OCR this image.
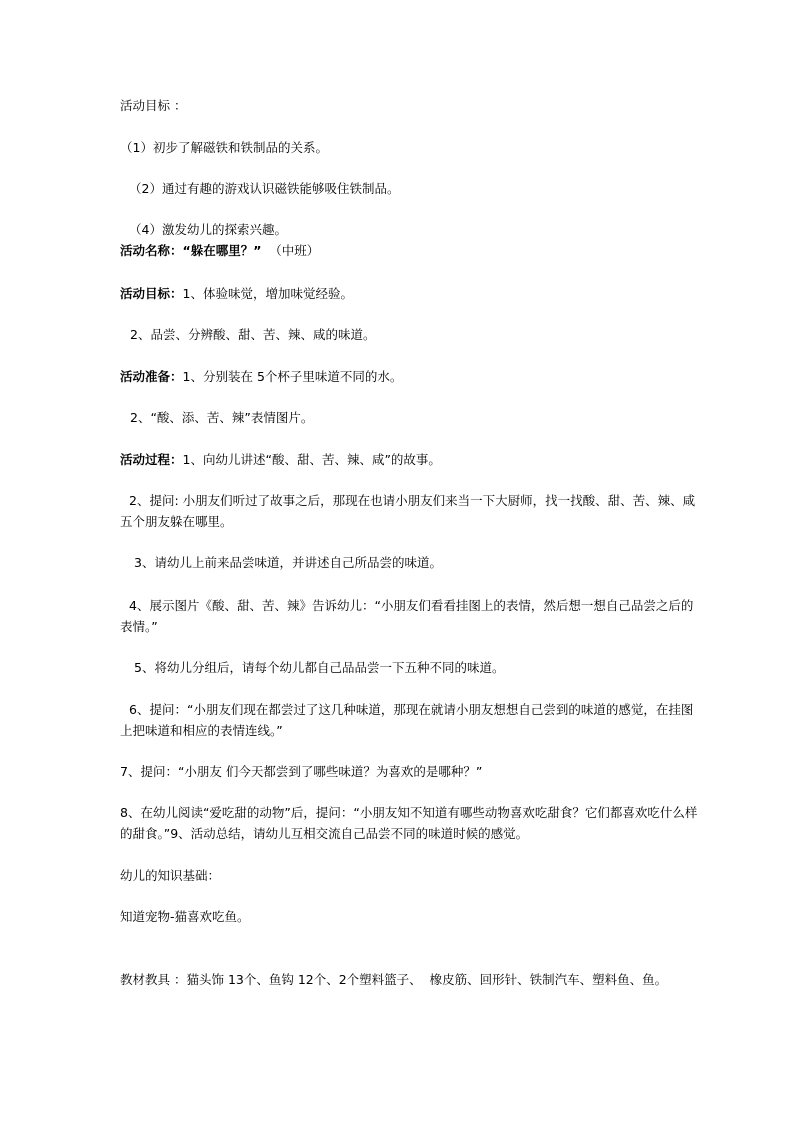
活动目标 ：

（1）初步了解磁铁和铁制品的关系。

（2）通过有趣的游戏认识磁铁能够吸住铁制品。

（4）激发幼儿的探索兴趣。

活动名称：“躲在哪里？” （中班）

活动目标：1、体验味觉，增加味觉经验。

2、品尝、分辨酸、甜、苦、辣、咸的味道。

活动准备：1、分别装在 5个杯子里味道不同的水。

2、“酸、添、苦、辣”表情图片。

活动过程：1、向幼儿讲述“酸、甜、苦、辣、咸”的故事。

2、提问: 小朋友们听过了故事之后，那现在也请小朋友们来当一下大厨师，找一找酸、甜、苦、辣、咸

五个朋友躲在哪里。

3、请幼儿上前来品尝味道，并讲述自己所品尝的味道。

4、展示图片《酸、甜、苦、辣》告诉幼儿：“小朋友们看看挂图上的表情，然后想一想自己品尝之后的

表情。”

5、将幼儿分组后，请每个幼儿都自己品品尝一下五种不同的味道。

6、提问：“小朋友们现在都尝过了这几种味道，那现在就请小朋友想想自己尝到的味道的感觉，在挂图

上把味道和相应的表情连线。”

7、提问：“小朋友 们今天都尝到了哪些味道？为喜欢的是哪种？”

8、在幼儿阅读“爱吃甜的动物”后，提问：“小朋友知不知道有哪些动物喜欢吃甜食？它们都喜欢吃什么样

的甜食。”9、活动总结，请幼儿互相交流自己品尝不同的味道时候的感觉。

幼儿的知识基础：

知道宠物-猫喜欢吃鱼。

教材教具 ：猫头饰 13个、鱼钩 12个、2个塑料篮子、  橡皮筋、回形针、铁制汽车、塑料鱼、鱼。
